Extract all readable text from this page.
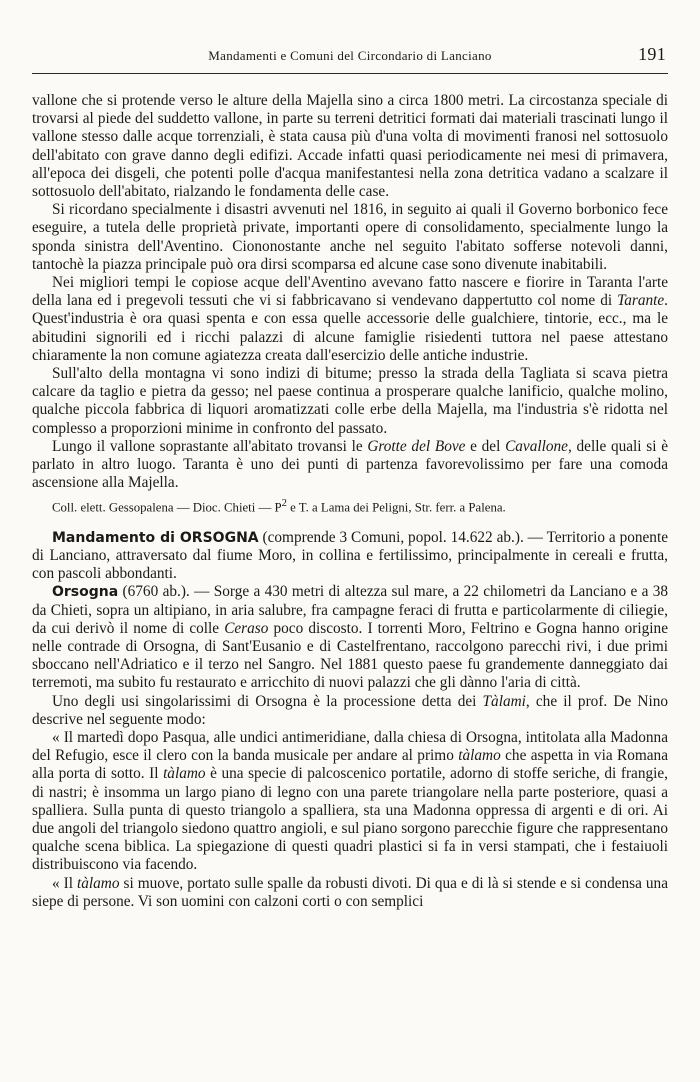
Mandamenti e Comuni del Circondario di Lanciano	191

vallone che si protende verso le alture della Majella sino a circa 1800 metri. La circostanza speciale di trovarsi al piede del suddetto vallone, in parte su terreni detritici formati dai materiali trascinati lungo il vallone stesso dalle acque torrenziali, è stata causa più d'una volta di movimenti franosi nel sottosuolo dell'abitato con grave danno degli edifizi. Accade infatti quasi periodicamente nei mesi di primavera, all'epoca dei disgeli, che potenti polle d'acqua manifestantesi nella zona detritica vadano a scalzare il sottosuolo dell'abitato, rialzando le fondamenta delle case.

Si ricordano specialmente i disastri avvenuti nel 1816, in seguito ai quali il Governo borbonico fece eseguire, a tutela delle proprietà private, importanti opere di consolidamento, specialmente lungo la sponda sinistra dell'Aventino. Ciononostante anche nel seguito l'abitato sofferse notevoli danni, tantochè la piazza principale può ora dirsi scomparsa ed alcune case sono divenute inabitabili.

Nei migliori tempi le copiose acque dell'Aventino avevano fatto nascere e fiorire in Taranta l'arte della lana ed i pregevoli tessuti che vi si fabbricavano si vendevano dappertutto col nome di Tarante. Quest'industria è ora quasi spenta e con essa quelle accessorie delle gualchiere, tintorie, ecc., ma le abitudini signorili ed i ricchi palazzi di alcune famiglie risiedenti tuttora nel paese attestano chiaramente la non comune agiatezza creata dall'esercizio delle antiche industrie.

Sull'alto della montagna vi sono indizi di bitume; presso la strada della Tagliata si scava pietra calcare da taglio e pietra da gesso; nel paese continua a prosperare qualche lanificio, qualche molino, qualche piccola fabbrica di liquori aromatizzati colle erbe della Majella, ma l'industria s'è ridotta nel complesso a proporzioni minime in confronto del passato.

Lungo il vallone soprastante all'abitato trovansi le Grotte del Bove e del Cavallone, delle quali si è parlato in altro luogo. Taranta è uno dei punti di partenza favorevolissimo per fare una comoda ascensione alla Majella.

Coll. elett. Gessopalena — Dioc. Chieti — $P^2$ e T. a Lama dei Peligni, Str. ferr. a Palena.

Mandamento di ORSOGNA (comprende 3 Comuni, popol. 14.622 ab.). — Territorio a ponente di Lanciano, attraversato dal fiume Moro, in collina e fertilissimo, principalmente in cereali e frutta, con pascoli abbondanti.

Orsogna (6760 ab.). — Sorge a 430 metri di altezza sul mare, a 22 chilometri da Lanciano e a 38 da Chieti, sopra un altipiano, in aria salubre, fra campagne feraci di frutta e particolarmente di ciliegie, da cui derivò il nome di colle Ceraso poco discosto. I torrenti Moro, Feltrino e Gogna hanno origine nelle contrade di Orsogna, di Sant'Eusanio e di Castelfrentano, raccolgono parecchi rivi, i due primi sboccano nell'Adriatico e il terzo nel Sangro. Nel 1881 questo paese fu grandemente danneggiato dai terremoti, ma subito fu restaurato e arricchito di nuovi palazzi che gli dànno l'aria di città.

Uno degli usi singolarissimi di Orsogna è la processione detta dei Tàlami, che il prof. De Nino descrive nel seguente modo:

« Il martedì dopo Pasqua, alle undici antimeridiane, dalla chiesa di Orsogna, intitolata alla Madonna del Refugio, esce il clero con la banda musicale per andare al primo tàlamo che aspetta in via Romana alla porta di sotto. Il tàlamo è una specie di palcoscenico portatile, adorno di stoffe seriche, di frangie, di nastri; è insomma un largo piano di legno con una parete triangolare nella parte posteriore, quasi a spalliera. Sulla punta di questo triangolo a spalliera, sta una Madonna oppressa di argenti e di ori. Ai due angoli del triangolo siedono quattro angioli, e sul piano sorgono parecchie figure che rappresentano qualche scena biblica. La spiegazione di questi quadri plastici si fa in versi stampati, che i festaiuoli distribuiscono via facendo.

« Il tàlamo si muove, portato sulle spalle da robusti divoti. Di qua e di là si stende e si condensa una siepe di persone. Vi son uomini con calzoni corti o con semplici
